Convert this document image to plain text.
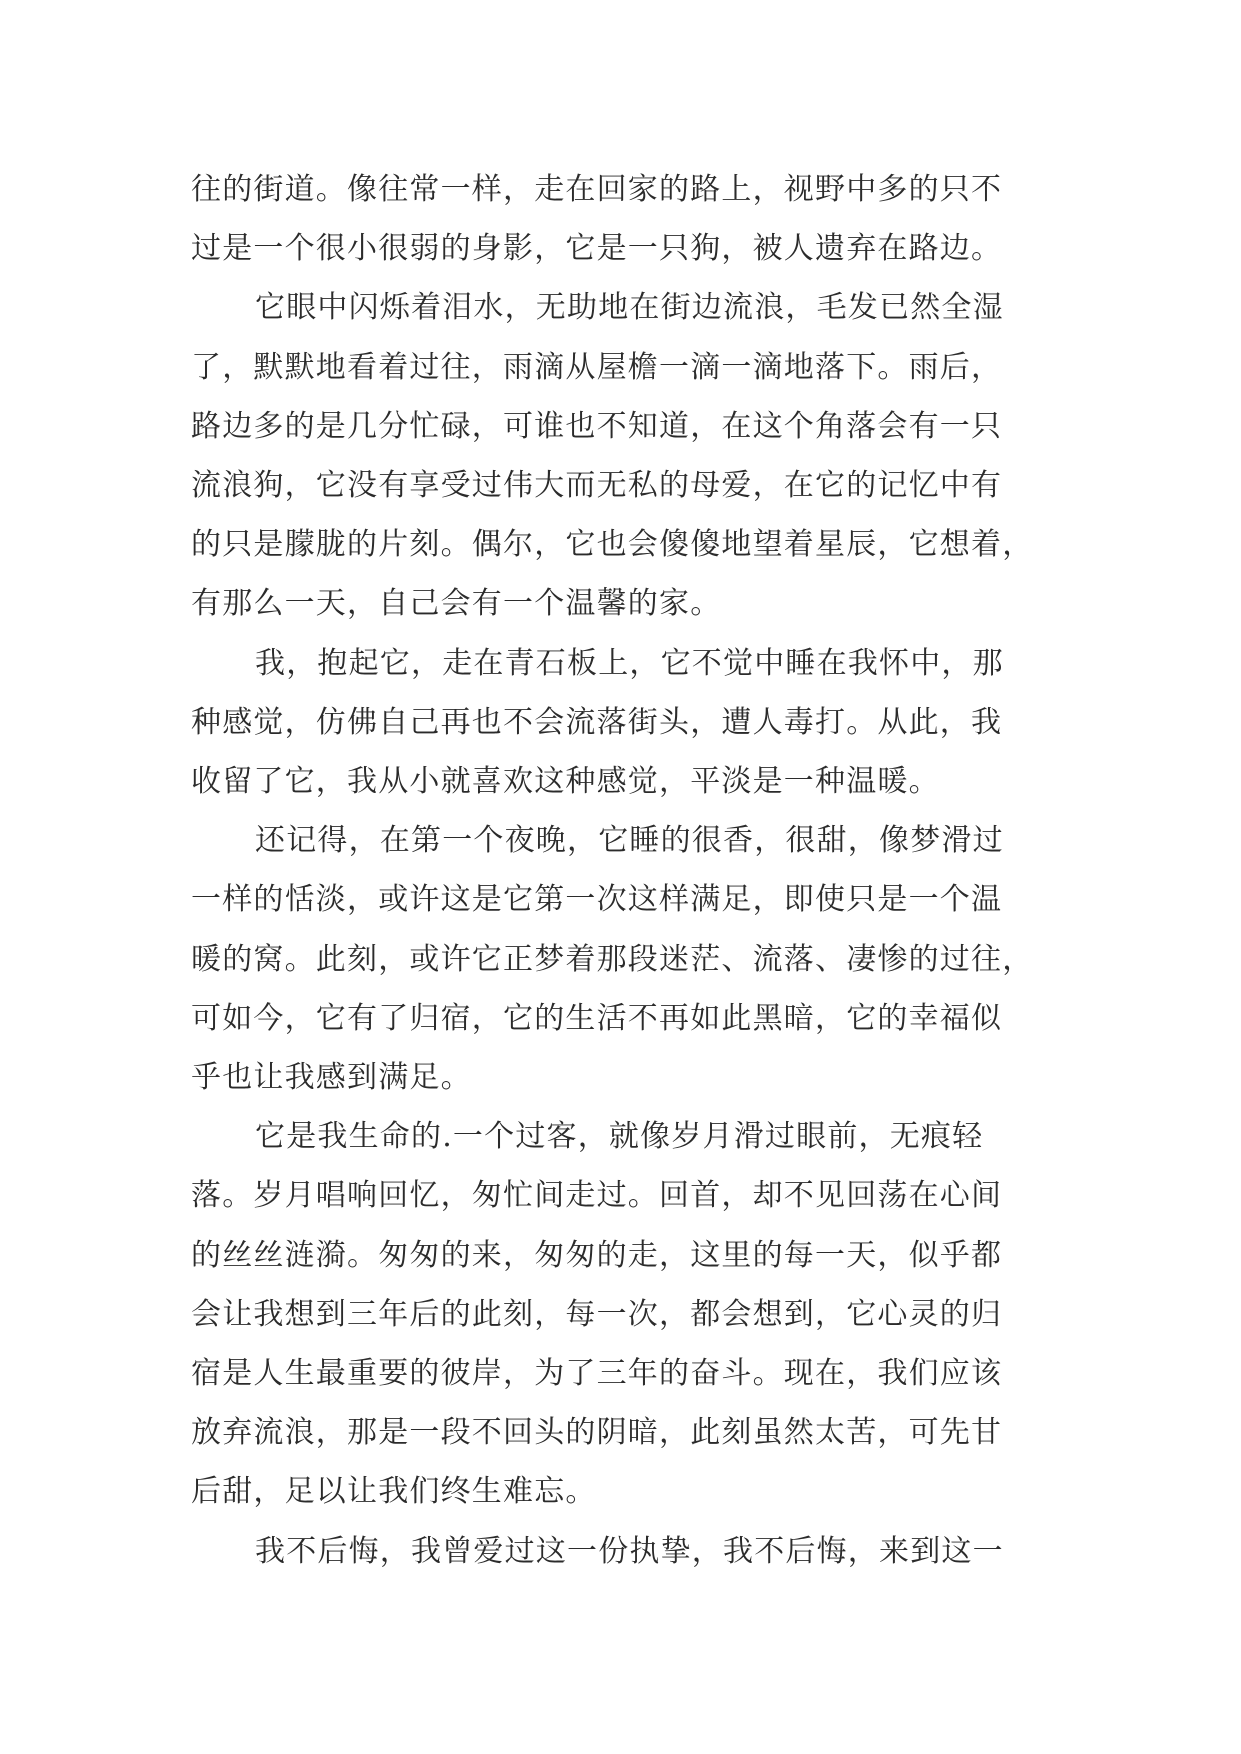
往的街道。像往常一样，走在回家的路上，视野中多的只不
过是一个很小很弱的身影，它是一只狗，被人遗弃在路边。

它眼中闪烁着泪水，无助地在街边流浪，毛发已然全湿
了，默默地看着过往，雨滴从屋檐一滴一滴地落下。雨后，
路边多的是几分忙碌，可谁也不知道，在这个角落会有一只
流浪狗，它没有享受过伟大而无私的母爱，在它的记忆中有
的只是朦胧的片刻。偶尔，它也会傻傻地望着星辰，它想着，
有那么一天，自己会有一个温馨的家。

我，抱起它，走在青石板上，它不觉中睡在我怀中，那
种感觉，仿佛自己再也不会流落街头，遭人毒打。从此，我
收留了它，我从小就喜欢这种感觉，平淡是一种温暖。

还记得，在第一个夜晚，它睡的很香，很甜，像梦滑过
一样的恬淡，或许这是它第一次这样满足，即使只是一个温
暖的窝。此刻，或许它正梦着那段迷茫、流落、凄惨的过往，
可如今，它有了归宿，它的生活不再如此黑暗，它的幸福似
乎也让我感到满足。

它是我生命的.一个过客，就像岁月滑过眼前，无痕轻
落。岁月唱响回忆，匆忙间走过。回首，却不见回荡在心间
的丝丝涟漪。匆匆的来，匆匆的走，这里的每一天，似乎都
会让我想到三年后的此刻，每一次，都会想到，它心灵的归
宿是人生最重要的彼岸，为了三年的奋斗。现在，我们应该
放弃流浪，那是一段不回头的阴暗，此刻虽然太苦，可先甘
后甜，足以让我们终生难忘。

我不后悔，我曾爱过这一份执挚，我不后悔，来到这一
